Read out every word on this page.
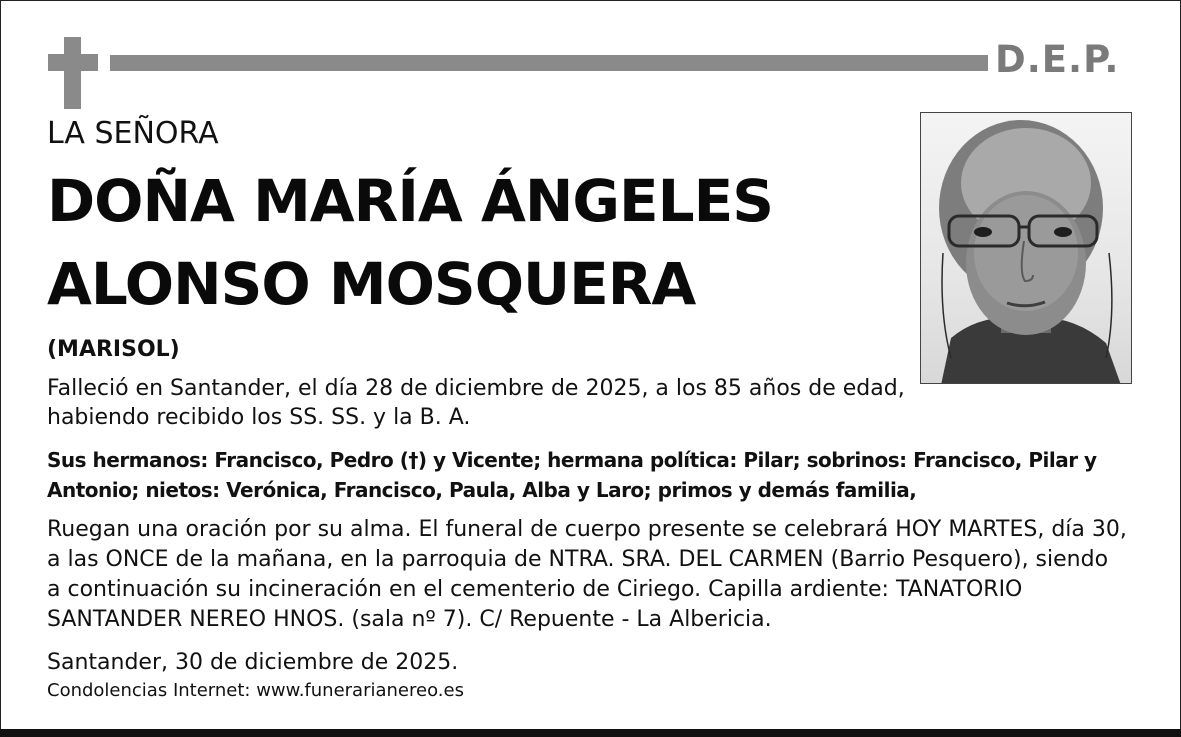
D.E.P.
LA SEÑORA
DOÑA MARÍA ÁNGELES
ALONSO MOSQUERA
(MARISOL)
Falleció en Santander, el día 28 de diciembre de 2025, a los 85 años de edad,
habiendo recibido los SS. SS. y la B. A.
Sus hermanos: Francisco, Pedro (†) y Vicente; hermana política: Pilar; sobrinos: Francisco, Pilar y
Antonio; nietos: Verónica, Francisco, Paula, Alba y Laro; primos y demás familia,
Ruegan una oración por su alma. El funeral de cuerpo presente se celebrará HOY MARTES, día 30,
a las ONCE de la mañana, en la parroquia de NTRA. SRA. DEL CARMEN (Barrio Pesquero), siendo
a continuación su incineración en el cementerio de Ciriego. Capilla ardiente: TANATORIO
SANTANDER NEREO HNOS. (sala nº 7). C/ Repuente - La Albericia.
Santander, 30 de diciembre de 2025.
Condolencias Internet: www.funerarianereo.es
